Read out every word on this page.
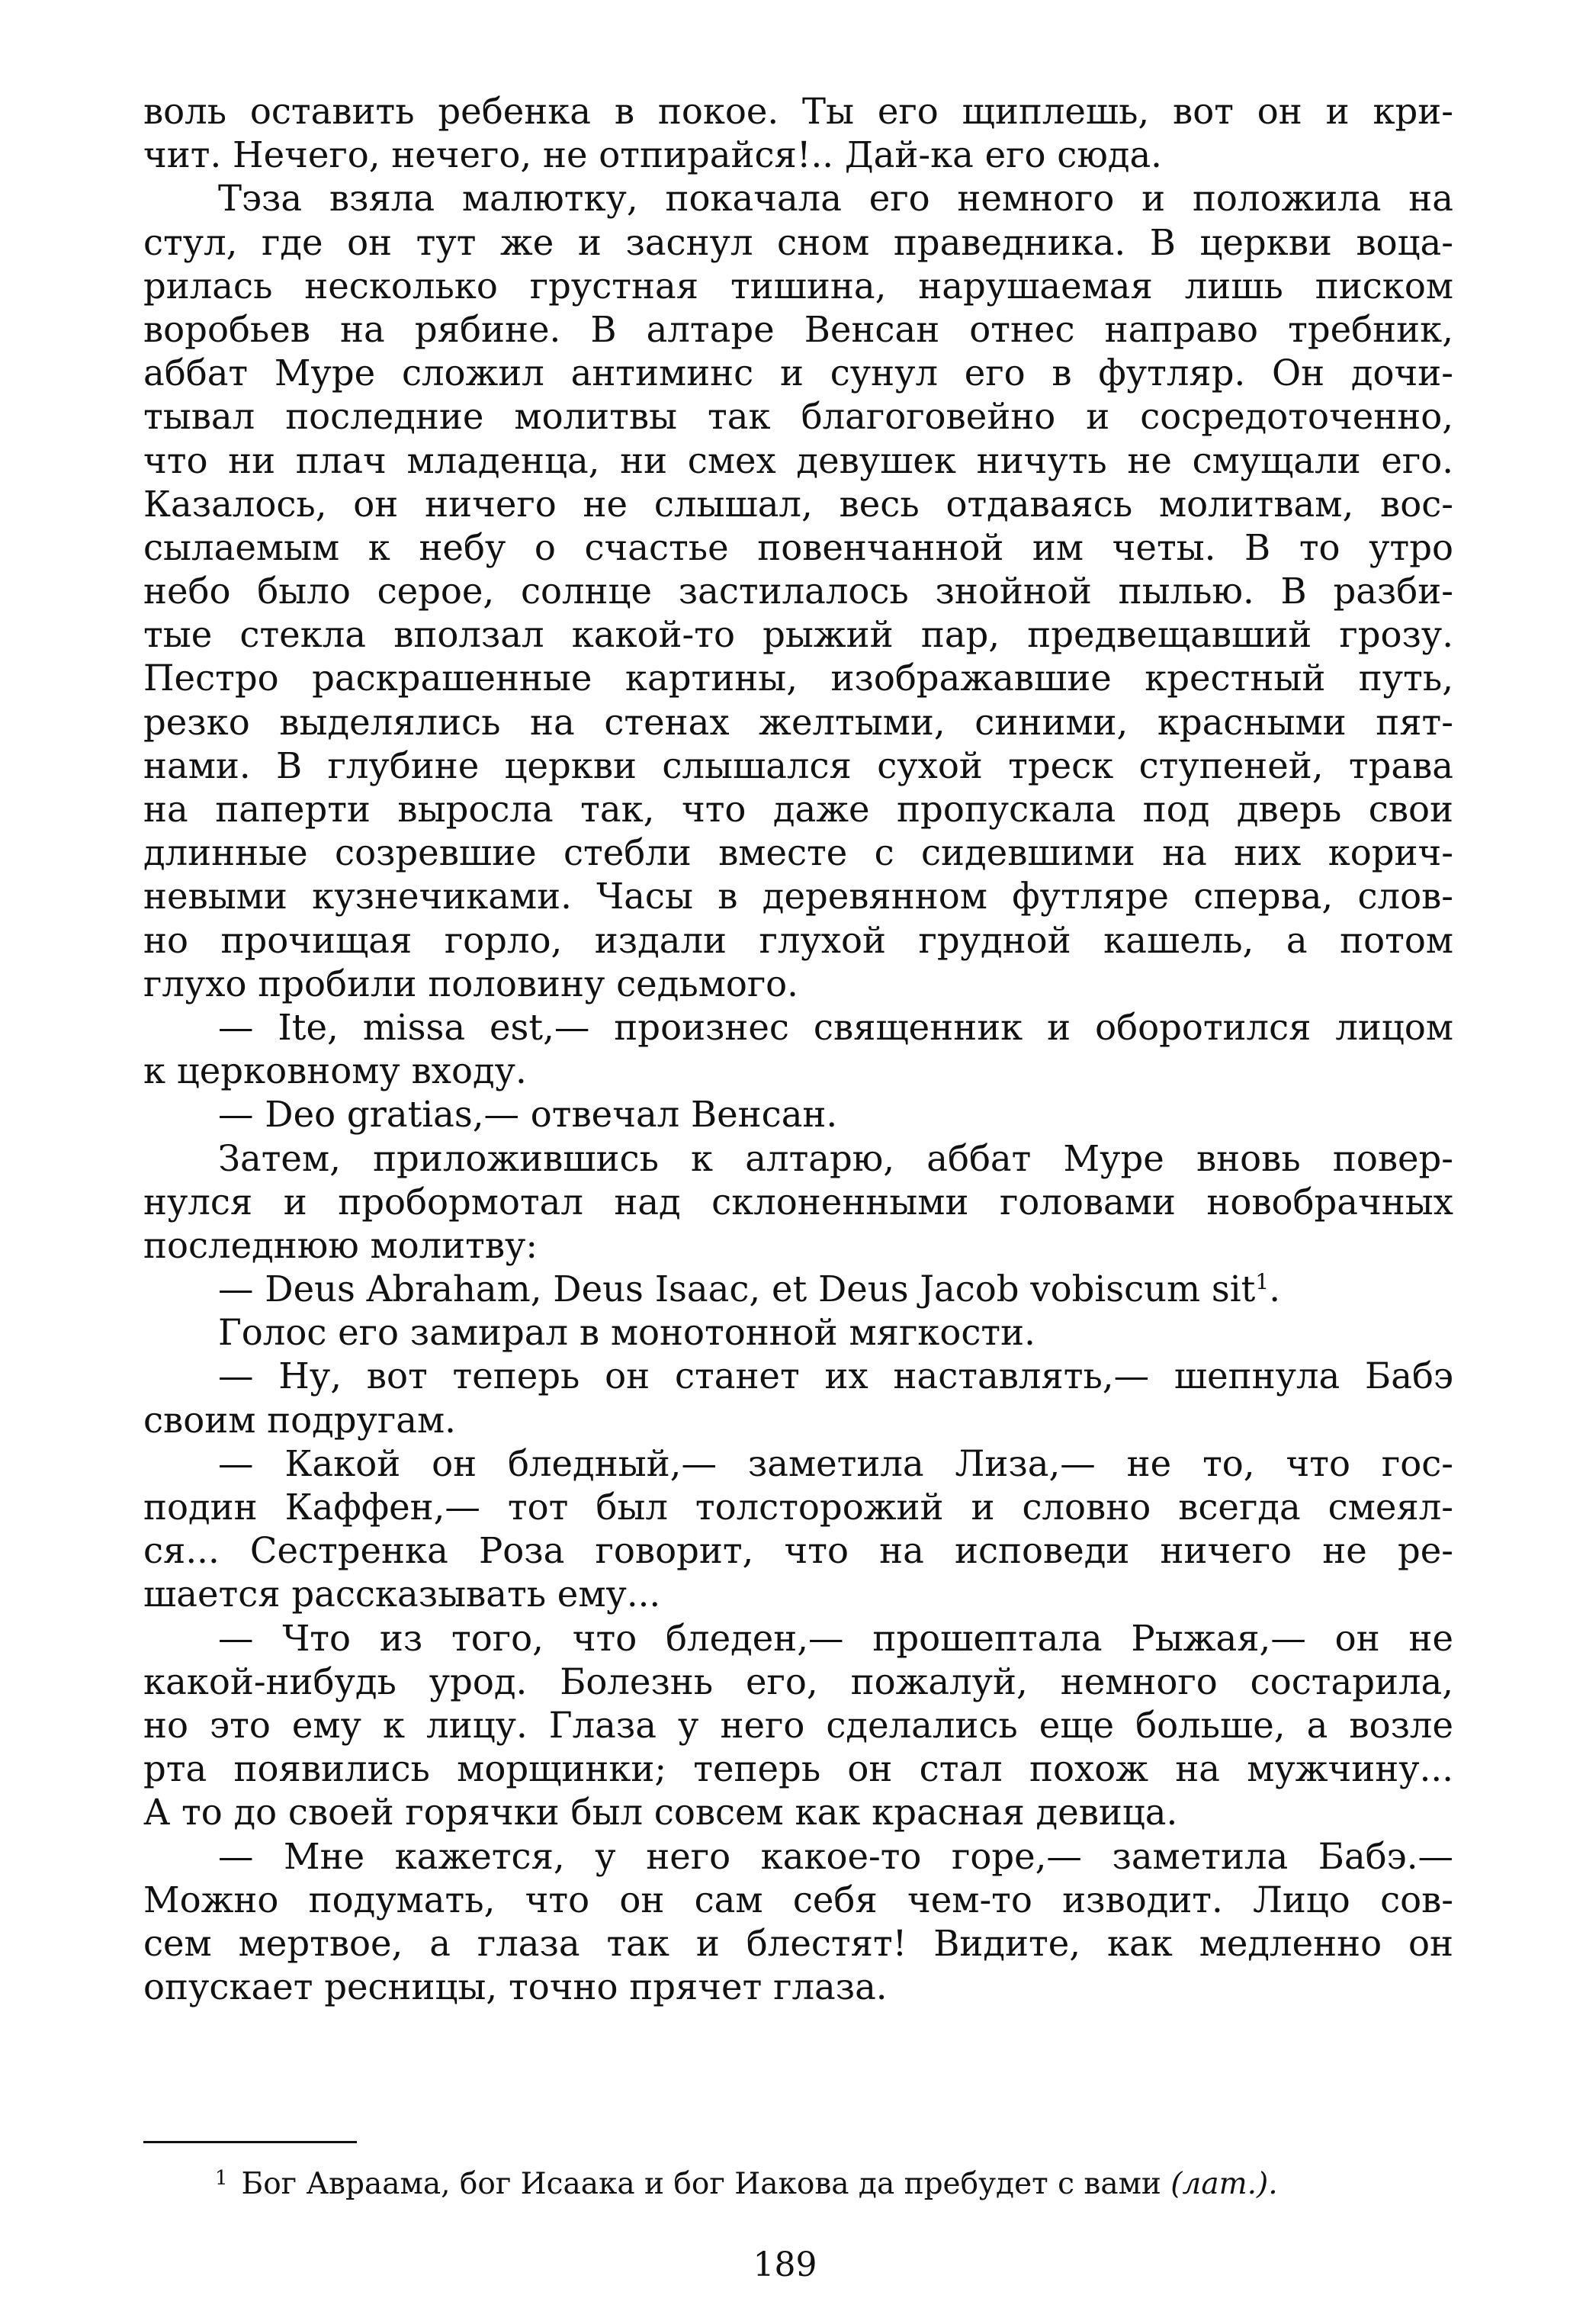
воль оставить ребенка в покое. Ты его щиплешь, вот он и кри-
чит. Нечего, нечего, не отпирайся!.. Дай-ка его сюда.
Тэза взяла малютку, покачала его немного и положила на
стул, где он тут же и заснул сном праведника. В церкви воца-
рилась несколько грустная тишина, нарушаемая лишь писком
воробьев на рябине. В алтаре Венсан отнес направо требник,
аббат Муре сложил антиминс и сунул его в футляр. Он дочи-
тывал последние молитвы так благоговейно и сосредоточенно,
что ни плач младенца, ни смех девушек ничуть не смущали его.
Казалось, он ничего не слышал, весь отдаваясь молитвам, вос-
сылаемым к небу о счастье повенчанной им четы. В то утро
небо было серое, солнце застилалось знойной пылью. В разби-
тые стекла вползал какой-то рыжий пар, предвещавший грозу.
Пестро раскрашенные картины, изображавшие крестный путь,
резко выделялись на стенах желтыми, синими, красными пят-
нами. В глубине церкви слышался сухой треск ступеней, трава
на паперти выросла так, что даже пропускала под дверь свои
длинные созревшие стебли вместе с сидевшими на них корич-
невыми кузнечиками. Часы в деревянном футляре сперва, слов-
но прочищая горло, издали глухой грудной кашель, а потом
глухо пробили половину седьмого.
— Ite, missa est,— произнес священник и оборотился лицом
к церковному входу.
— Deo gratias,— отвечал Венсан.
Затем, приложившись к алтарю, аббат Муре вновь повер-
нулся и пробормотал над склоненными головами новобрачных
последнюю молитву:
— Deus Abraham, Deus Isaac, et Deus Jacob vobiscum sit$^1$.
Голос его замирал в монотонной мягкости.
— Ну, вот теперь он станет их наставлять,— шепнула Бабэ
своим подругам.
— Какой он бледный,— заметила Лиза,— не то, что гос-
подин Каффен,— тот был толсторожий и словно всегда смеял-
ся... Сестренка Роза говорит, что на исповеди ничего не ре-
шается рассказывать ему...
— Что из того, что бледен,— прошептала Рыжая,— он не
какой-нибудь урод. Болезнь его, пожалуй, немного состарила,
но это ему к лицу. Глаза у него сделались еще больше, а возле
рта появились морщинки; теперь он стал похож на мужчину...
А то до своей горячки был совсем как красная девица.
— Мне кажется, у него какое-то горе,— заметила Бабэ.—
Можно подумать, что он сам себя чем-то изводит. Лицо сов-
сем мертвое, а глаза так и блестят! Видите, как медленно он
опускает ресницы, точно прячет глаза.
$^1$ Бог Авраама, бог Исаака и бог Иакова да пребудет с вами (лат.).
189
